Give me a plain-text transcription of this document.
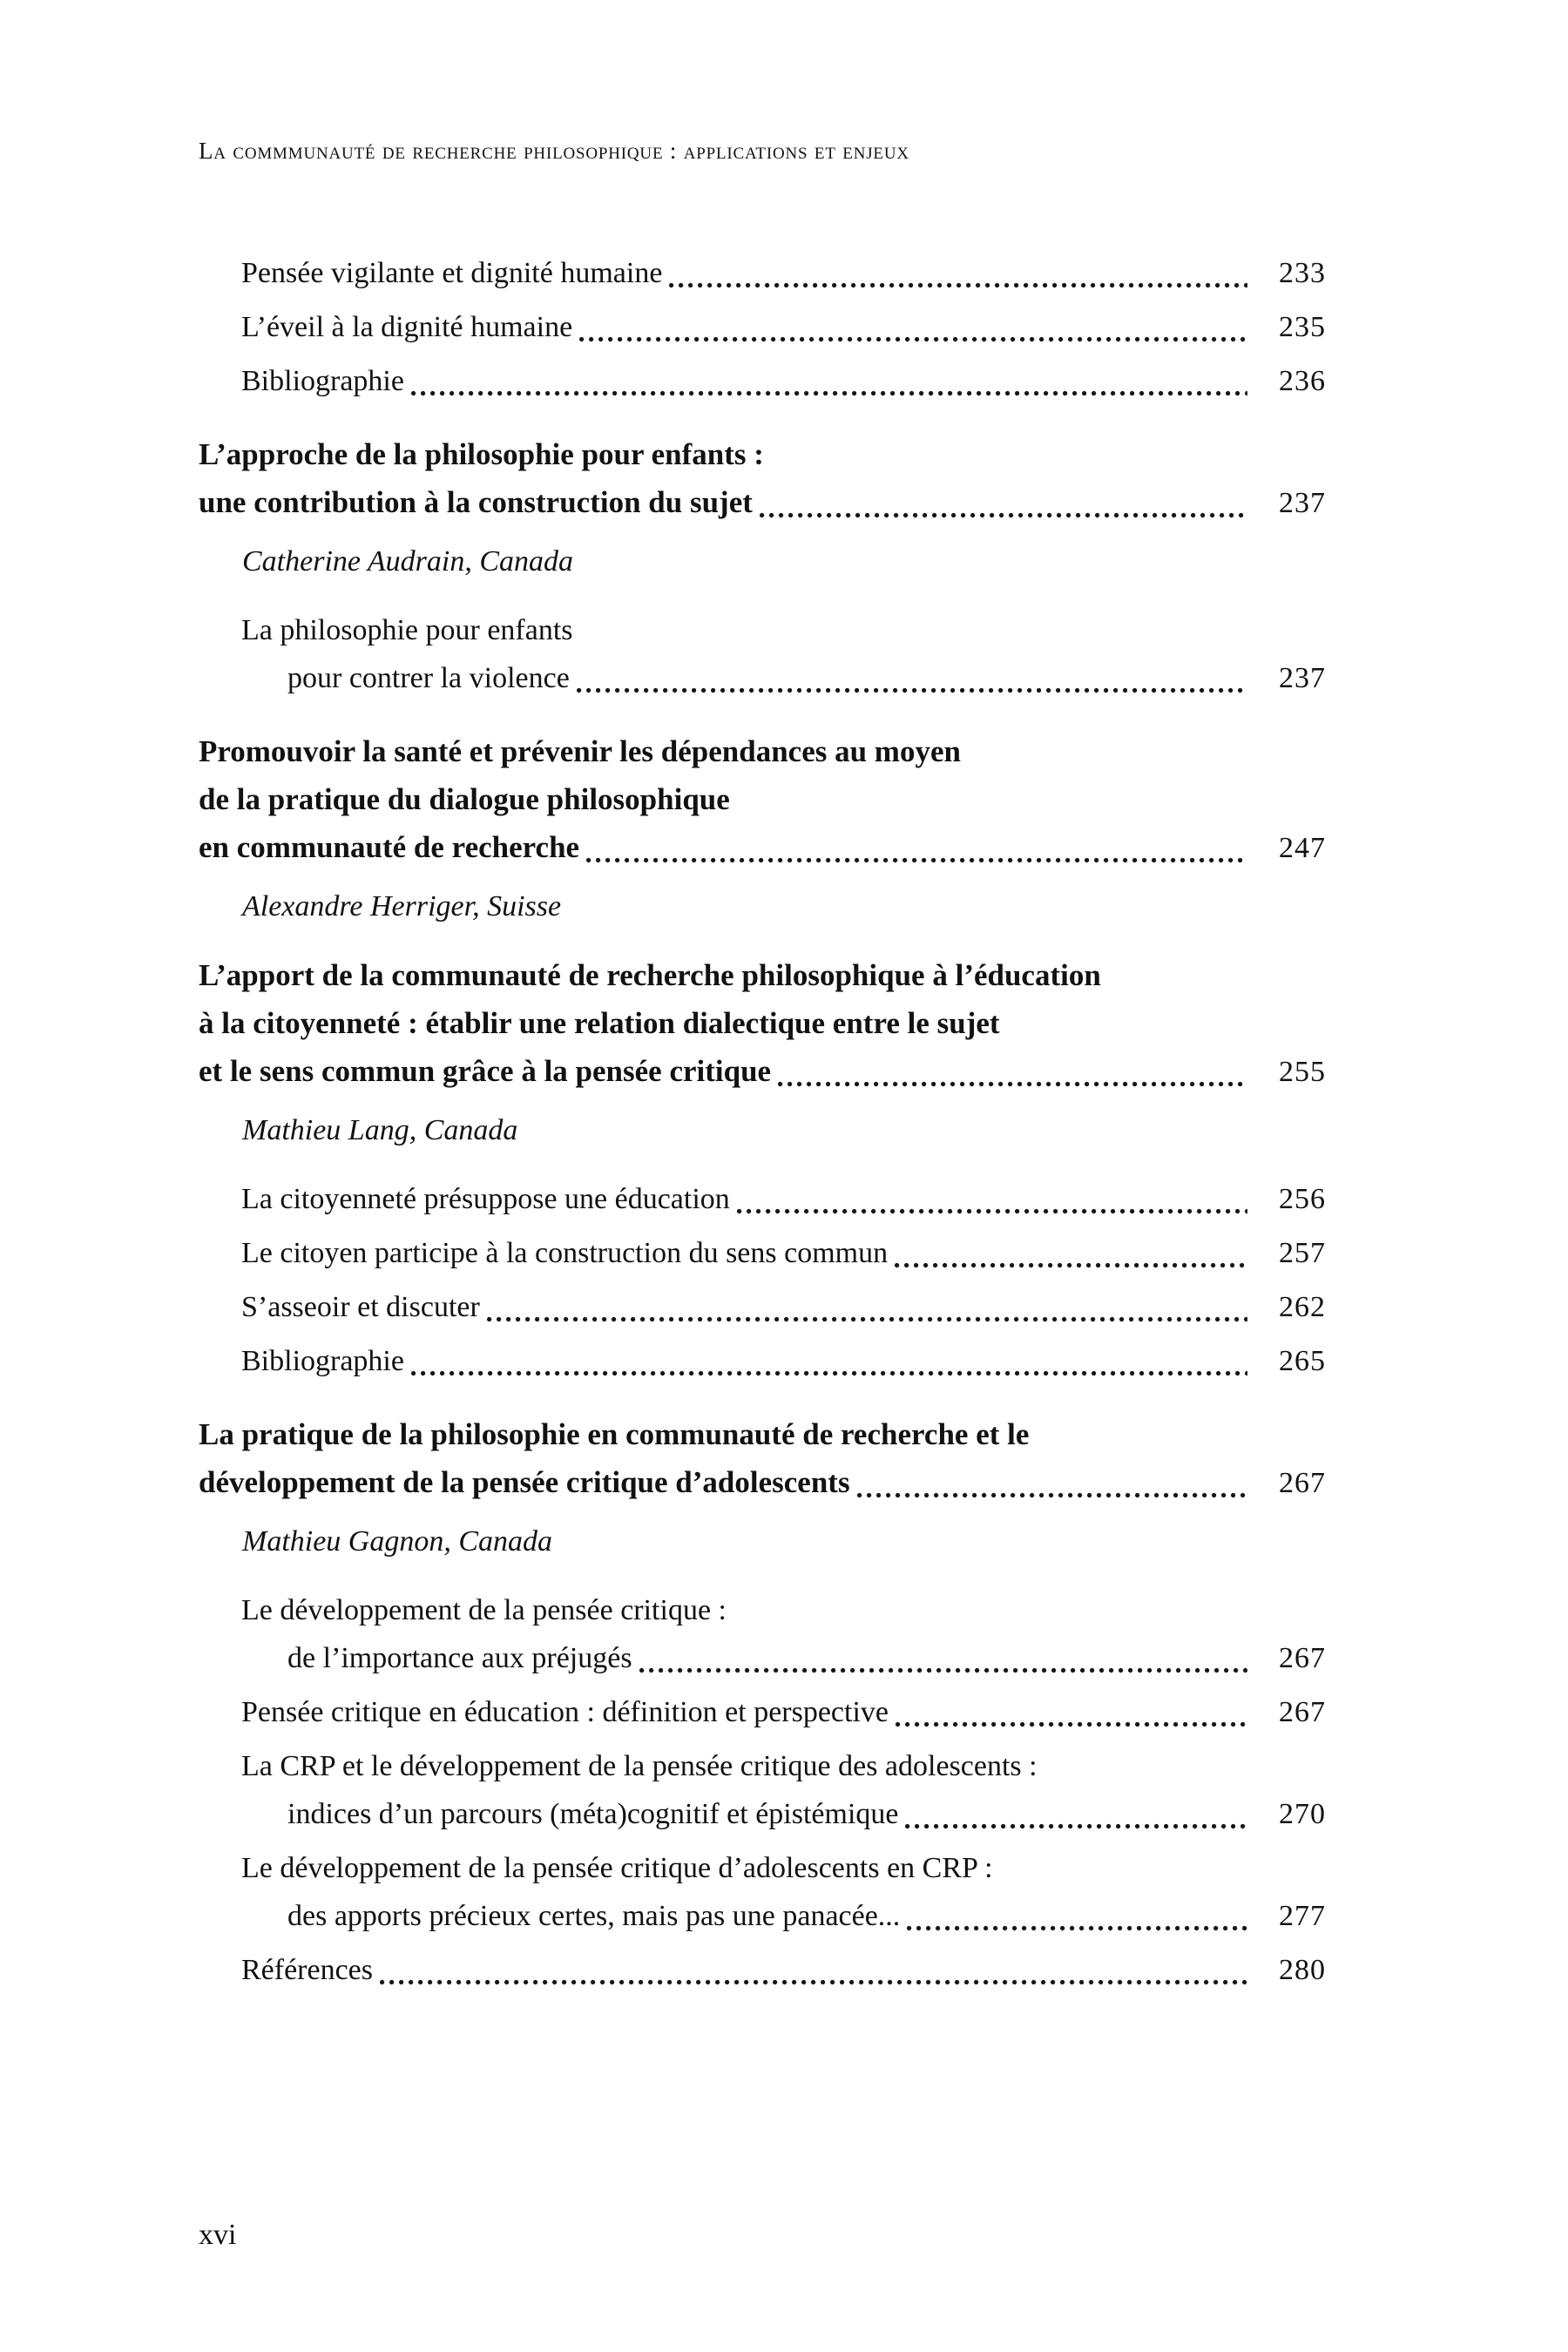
La commmunauté de recherche philosophique : applications et enjeux
Pensée vigilante et dignité humaine	233
L’éveil à la dignité humaine	235
Bibliographie	236
L’approche de la philosophie pour enfants :
une contribution à la construction du sujet	237
Catherine Audrain, Canada
La philosophie pour enfants
pour contrer la violence	237
Promouvoir la santé et prévenir les dépendances au moyen
de la pratique du dialogue philosophique
en communauté de recherche	247
Alexandre Herriger, Suisse
L’apport de la communauté de recherche philosophique à l’éducation
à la citoyenneté : établir une relation dialectique entre le sujet
et le sens commun grâce à la pensée critique	255
Mathieu Lang, Canada
La citoyenneté présuppose une éducation	256
Le citoyen participe à la construction du sens commun	257
S’asseoir et discuter	262
Bibliographie	265
La pratique de la philosophie en communauté de recherche et le
développement de la pensée critique d’adolescents	267
Mathieu Gagnon, Canada
Le développement de la pensée critique :
de l’importance aux préjugés	267
Pensée critique en éducation : définition et perspective	267
La CRP et le développement de la pensée critique des adolescents :
indices d’un parcours (méta)cognitif et épistémique	270
Le développement de la pensée critique d’adolescents en CRP :
des apports précieux certes, mais pas une panacée...	277
Références	280
xvi
